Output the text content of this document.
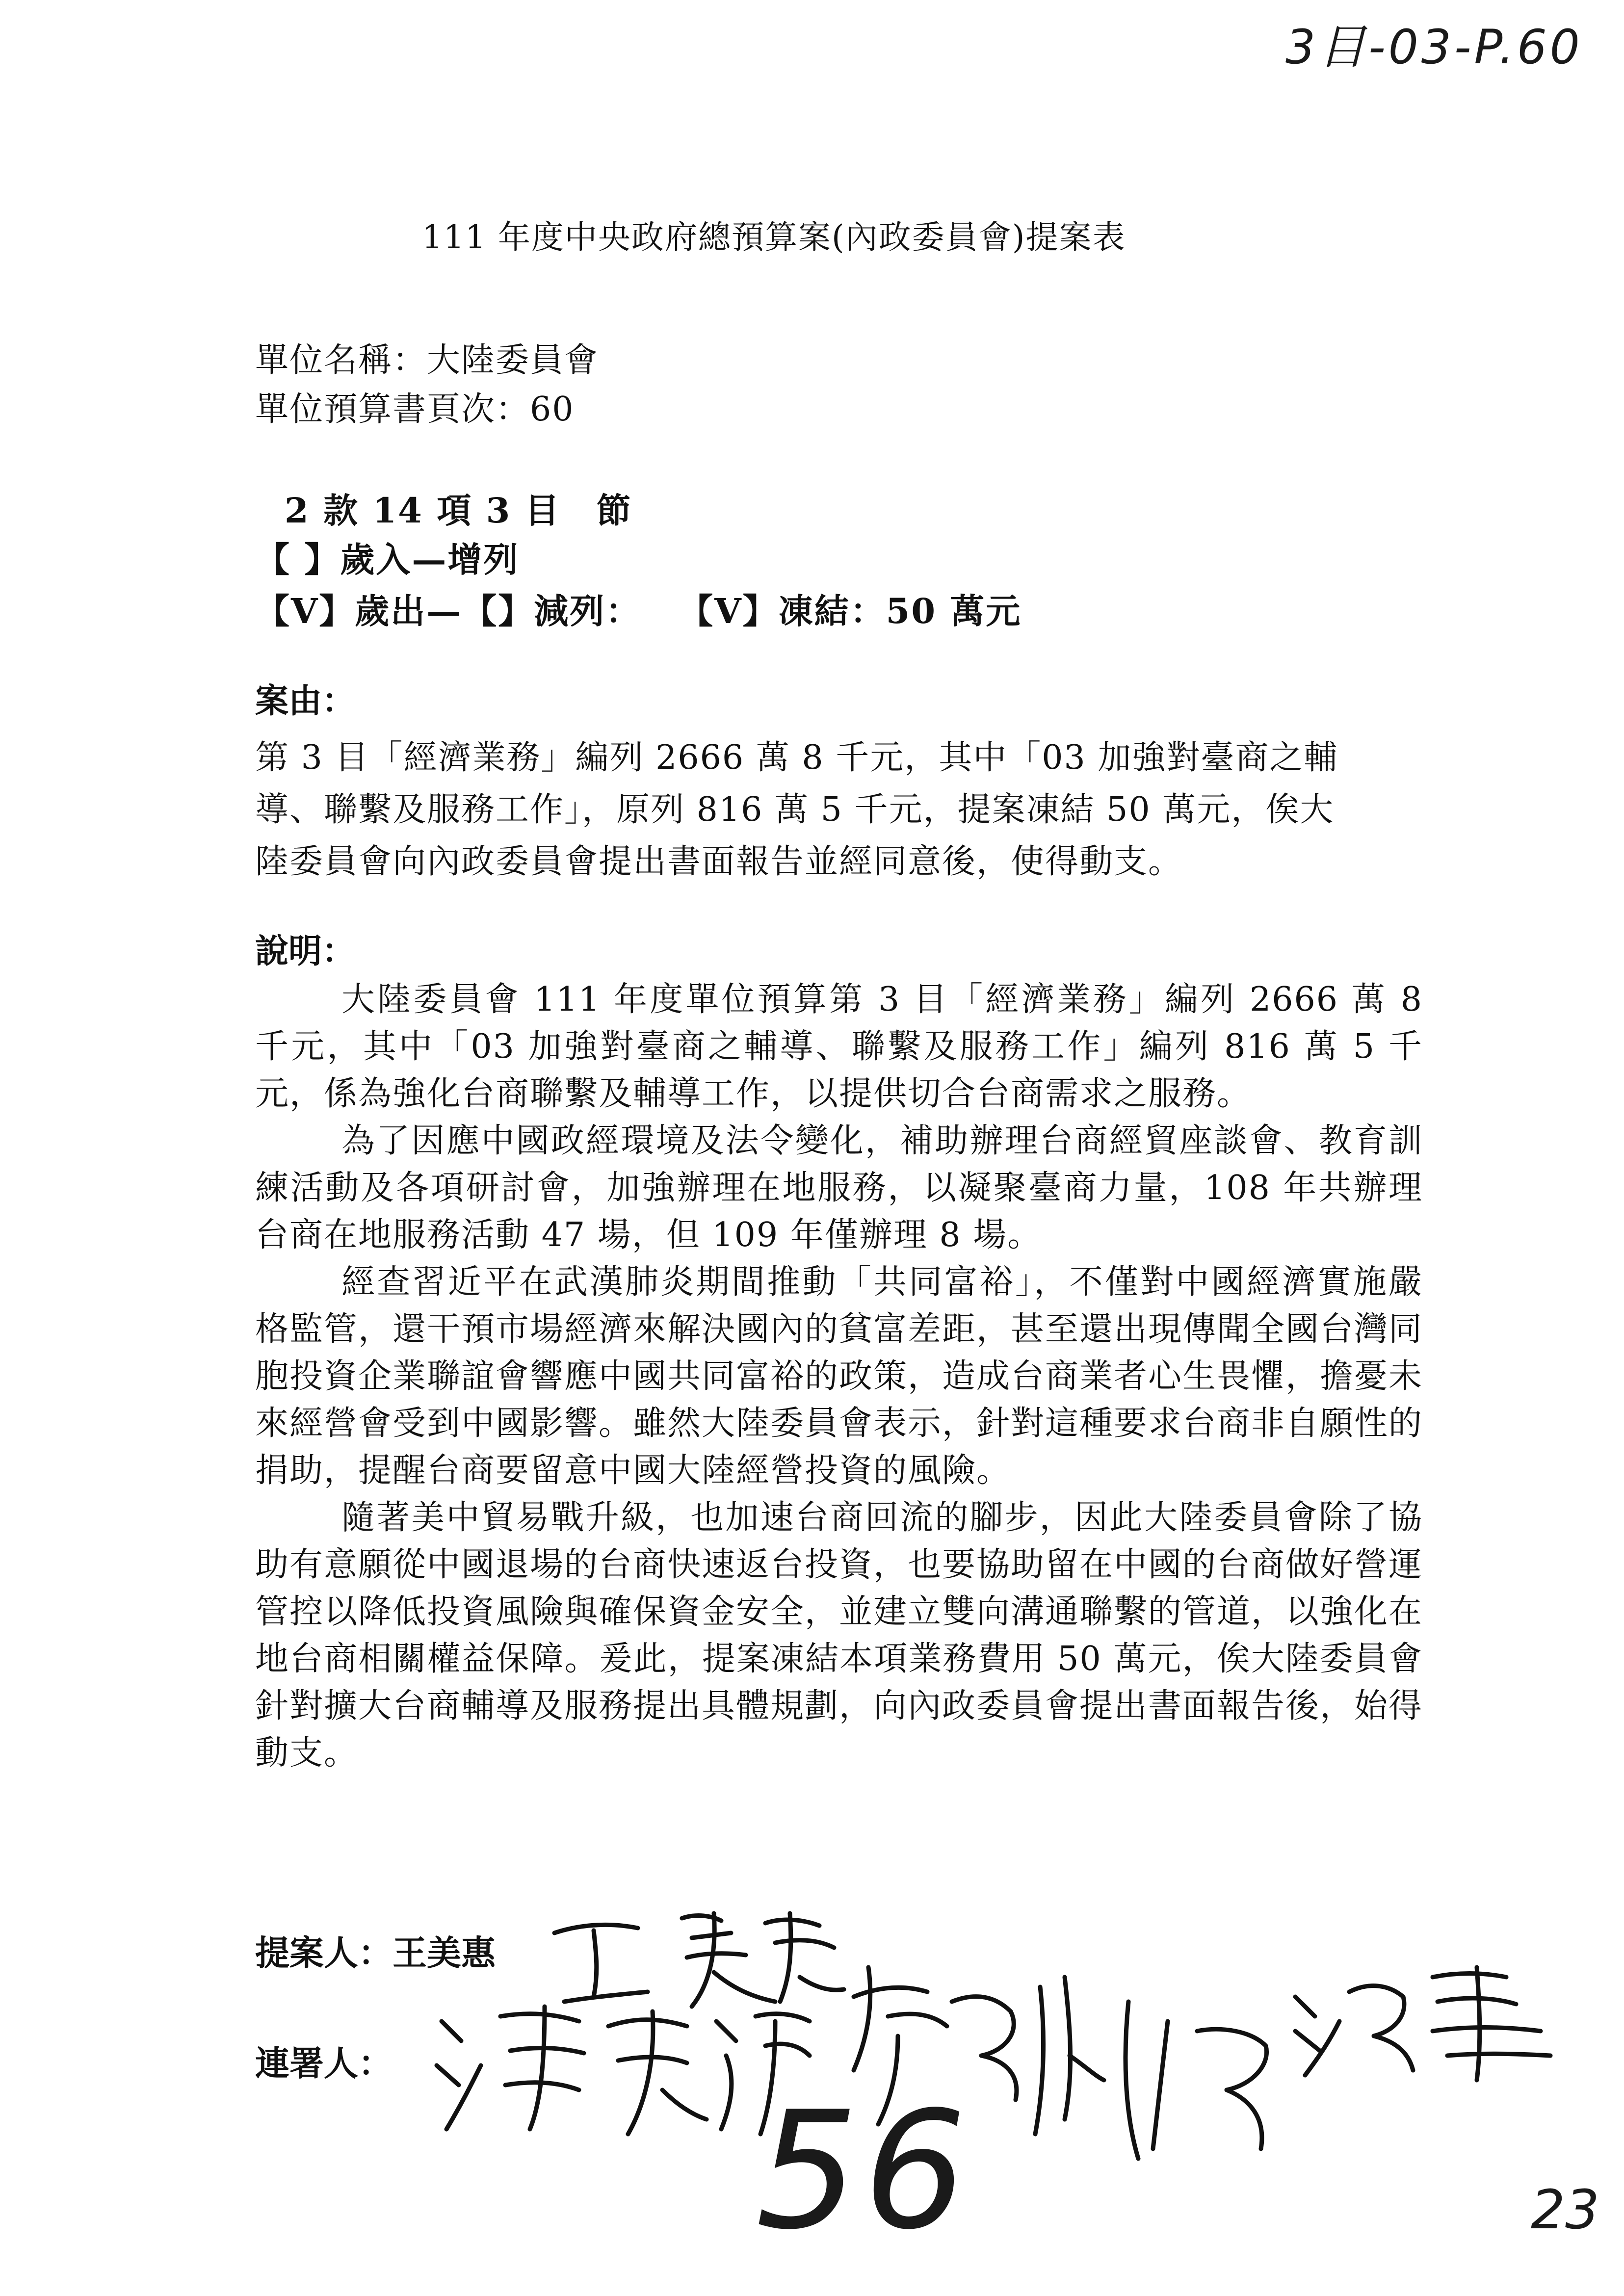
3目-03-P.60
111 年度中央政府總預算案(內政委員會)提案表
單位名稱：大陸委員會
單位預算書頁次：60
2 款 14 項 3 目　節
【 】歲入—增列
【V】歲出—【】減列：　　【V】凍結：50 萬元
案由：
第 3 目「經濟業務」編列 2666 萬 8 千元，其中「03 加強對臺商之輔
導、聯繫及服務工作」，原列 816 萬 5 千元，提案凍結 50 萬元，俟大
陸委員會向內政委員會提出書面報告並經同意後，使得動支。
說明：

大陸委員會 111 年度單位預算第 3 目「經濟業務」編列 2666 萬 8 千元，其中「03 加強對臺商之輔導、聯繫及服務工作」編列 816 萬 5 千元，係為強化台商聯繫及輔導工作，以提供切合台商需求之服務。

為了因應中國政經環境及法令變化，補助辦理台商經貿座談會、教育訓練活動及各項研討會，加強辦理在地服務，以凝聚臺商力量，108 年共辦理台商在地服務活動 47 場，但 109 年僅辦理 8 場。

經查習近平在武漢肺炎期間推動「共同富裕」，不僅對中國經濟實施嚴格監管，還干預市場經濟來解決國內的貧富差距，甚至還出現傳聞全國台灣同胞投資企業聯誼會響應中國共同富裕的政策，造成台商業者心生畏懼，擔憂未來經營會受到中國影響。雖然大陸委員會表示，針對這種要求台商非自願性的捐助，提醒台商要留意中國大陸經營投資的風險。

隨著美中貿易戰升級，也加速台商回流的腳步，因此大陸委員會除了協助有意願從中國退場的台商快速返台投資，也要協助留在中國的台商做好營運管控以降低投資風險與確保資金安全，並建立雙向溝通聯繫的管道，以強化在地台商相關權益保障。爰此，提案凍結本項業務費用 50 萬元，俟大陸委員會針對擴大台商輔導及服務提出具體規劃，向內政委員會提出書面報告後，始得動支。

提案人：王美惠
連署人：
56	23
